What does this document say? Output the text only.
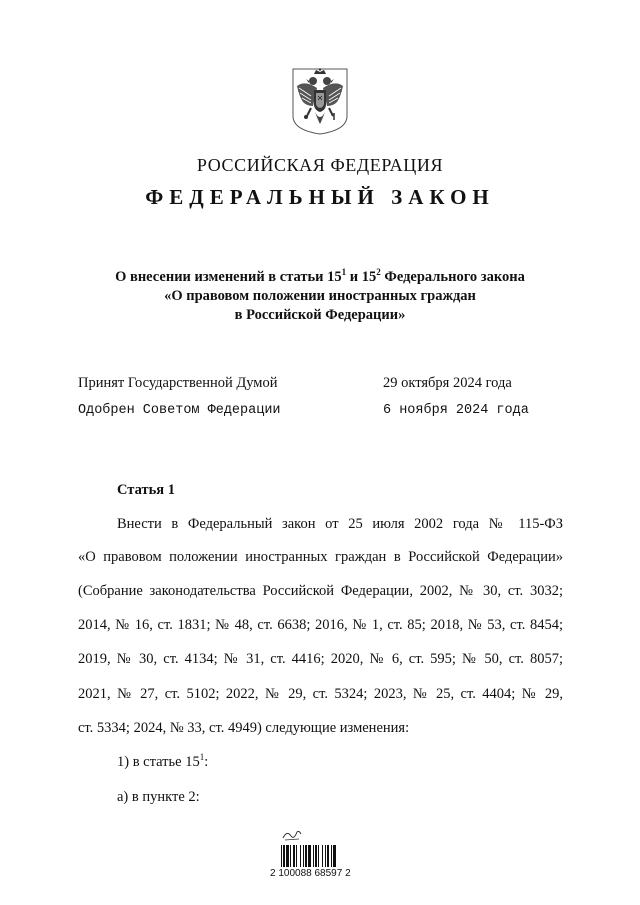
РОССИЙСКАЯ ФЕДЕРАЦИЯ
ФЕДЕРАЛЬНЫЙ ЗАКОН
О внесении изменений в статьи $15^1$ и $15^2$ Федерального закона
«О правовом положении иностранных граждан
в Российской Федерации»
Принят Государственной Думой	29 октября 2024 года
Одобрен Советом Федерации	6 ноября 2024 года
Статья 1
Внести в Федеральный закон от 25 июля 2002 года № 115-ФЗ
«О правовом положении иностранных граждан в Российской Федерации»
(Собрание законодательства Российской Федерации, 2002, № 30, ст. 3032;
2014, № 16, ст. 1831; № 48, ст. 6638; 2016, № 1, ст. 85; 2018, № 53, ст. 8454;
2019, № 30, ст. 4134; № 31, ст. 4416; 2020, № 6, ст. 595; № 50, ст. 8057;
2021, № 27, ст. 5102; 2022, № 29, ст. 5324; 2023, № 25, ст. 4404; № 29,
ст. 5334; 2024, № 33, ст. 4949) следующие изменения:
1) в статье $15^1$:
а) в пункте 2:
2 100088 68597 2
